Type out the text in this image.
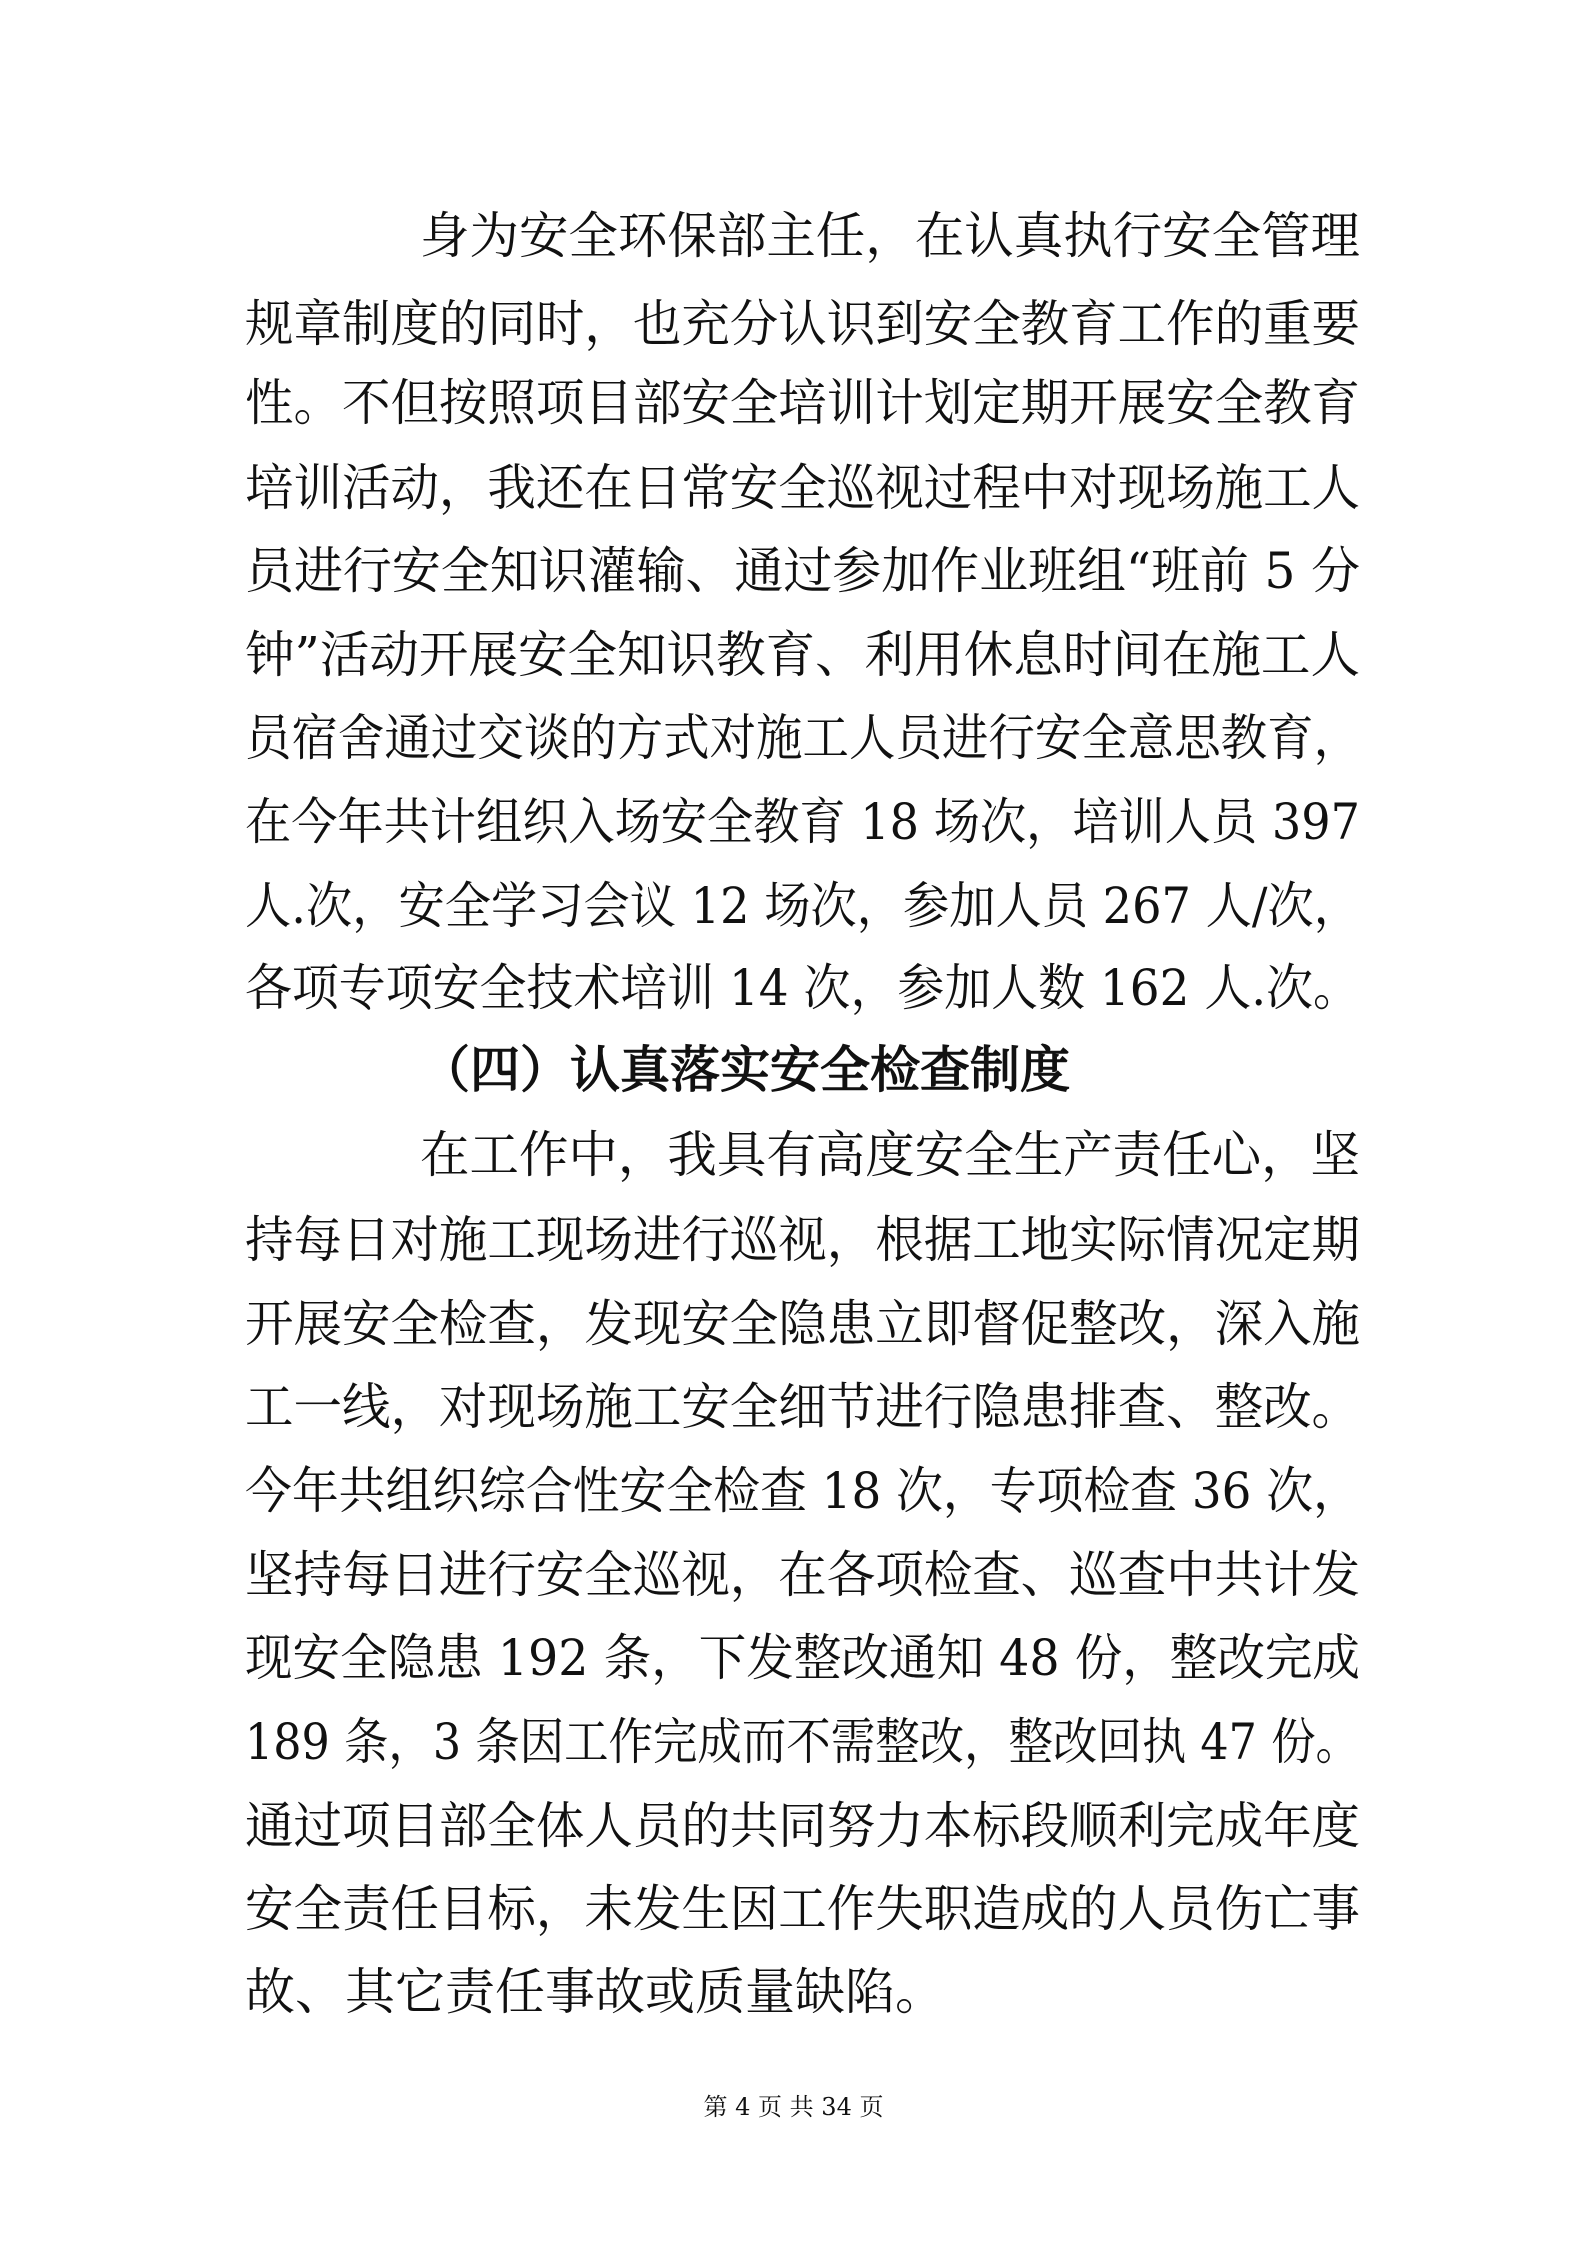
身为安全环保部主任，在认真执行安全管理
规章制度的同时，也充分认识到安全教育工作的重要
性。不但按照项目部安全培训计划定期开展安全教育
培训活动，我还在日常安全巡视过程中对现场施工人
员进行安全知识灌输、通过参加作业班组“班前 5 分
钟”活动开展安全知识教育、利用休息时间在施工人
员宿舍通过交谈的方式对施工人员进行安全意思教育，
在今年共计组织入场安全教育 18 场次，培训人员 397
人.次，安全学习会议 12 场次，参加人员 267 人/次，
各项专项安全技术培训 14 次，参加人数 162 人.次。
（四）认真落实安全检查制度
在工作中，我具有高度安全生产责任心，坚
持每日对施工现场进行巡视，根据工地实际情况定期
开展安全检查，发现安全隐患立即督促整改，深入施
工一线，对现场施工安全细节进行隐患排查、整改。
今年共组织综合性安全检查 18 次，专项检查 36 次，
坚持每日进行安全巡视，在各项检查、巡查中共计发
现安全隐患 192 条，下发整改通知 48 份，整改完成
189 条，3 条因工作完成而不需整改，整改回执 47 份。
通过项目部全体人员的共同努力本标段顺利完成年度
安全责任目标，未发生因工作失职造成的人员伤亡事
故、其它责任事故或质量缺陷。
第 4 页 共 34 页
